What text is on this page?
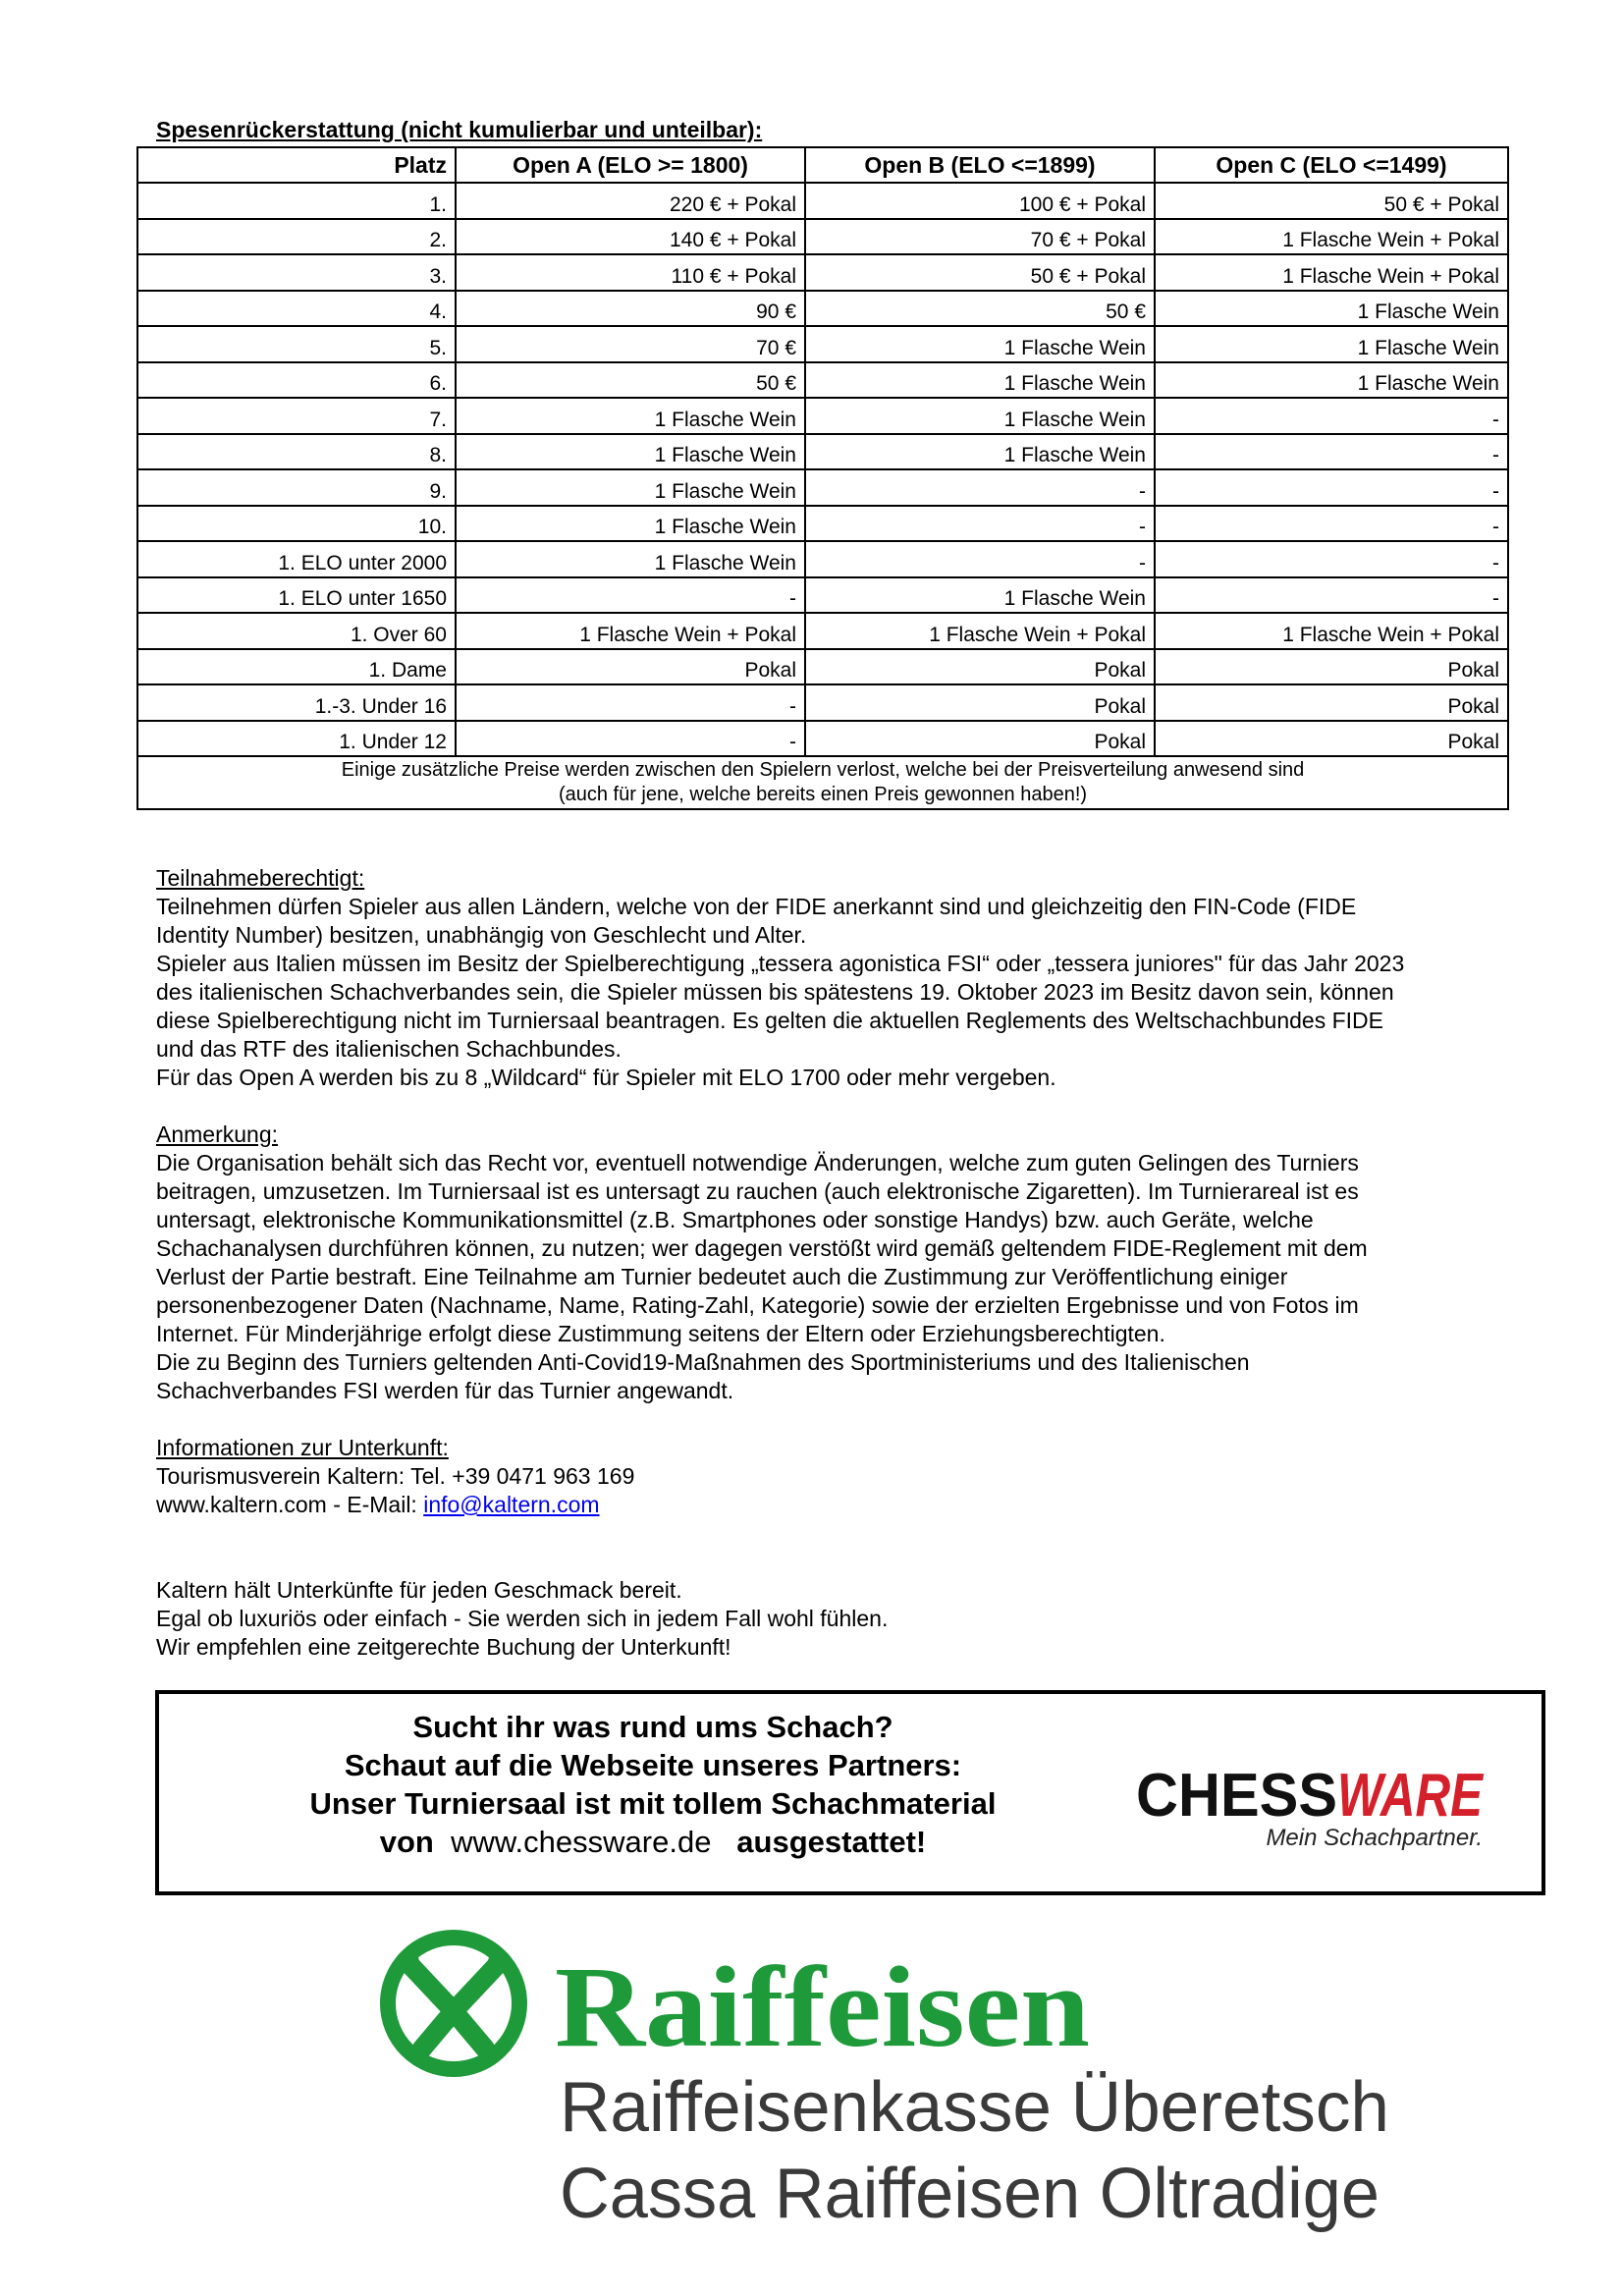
Spesenrückerstattung (nicht kumulierbar und unteilbar):
Platz	Open A (ELO >= 1800)	Open B (ELO <=1899)	Open C (ELO <=1499)
1.	220 € + Pokal	100 € + Pokal	50 € + Pokal
2.	140 € + Pokal	70 € + Pokal	1 Flasche Wein + Pokal
3.	110 € + Pokal	50 € + Pokal	1 Flasche Wein + Pokal
4.	90 €	50 €	1 Flasche Wein
5.	70 €	1 Flasche Wein	1 Flasche Wein
6.	50 €	1 Flasche Wein	1 Flasche Wein
7.	1 Flasche Wein	1 Flasche Wein	-
8.	1 Flasche Wein	1 Flasche Wein	-
9.	1 Flasche Wein	-	-
10.	1 Flasche Wein	-	-
1. ELO unter 2000	1 Flasche Wein	-	-
1. ELO unter 1650	-	1 Flasche Wein	-
1. Over 60	1 Flasche Wein + Pokal	1 Flasche Wein + Pokal	1 Flasche Wein + Pokal
1. Dame	Pokal	Pokal	Pokal
1.-3. Under 16	-	Pokal	Pokal
1. Under 12	-	Pokal	Pokal

Einige zusätzliche Preise werden zwischen den Spielern verlost, welche bei der Preisverteilung anwesend sind
(auch für jene, welche bereits einen Preis gewonnen haben!)			
Teilnahmeberechtigt:
Teilnehmen dürfen Spieler aus allen Ländern, welche von der FIDE anerkannt sind und gleichzeitig den FIN-Code (FIDE
Identity Number) besitzen, unabhängig von Geschlecht und Alter.
Spieler aus Italien müssen im Besitz der Spielberechtigung „tessera agonistica FSI“ oder „tessera juniores" für das Jahr 2023
des italienischen Schachverbandes sein, die Spieler müssen bis spätestens 19. Oktober 2023 im Besitz davon sein, können
diese Spielberechtigung nicht im Turniersaal beantragen. Es gelten die aktuellen Reglements des Weltschachbundes FIDE
und das RTF des italienischen Schachbundes.
Für das Open A werden bis zu 8 „Wildcard“ für Spieler mit ELO 1700 oder mehr vergeben.
Anmerkung:
Die Organisation behält sich das Recht vor, eventuell notwendige Änderungen, welche zum guten Gelingen des Turniers
beitragen, umzusetzen. Im Turniersaal ist es untersagt zu rauchen (auch elektronische Zigaretten). Im Turnierareal ist es
untersagt, elektronische Kommunikationsmittel (z.B. Smartphones oder sonstige Handys) bzw. auch Geräte, welche
Schachanalysen durchführen können, zu nutzen; wer dagegen verstößt wird gemäß geltendem FIDE-Reglement mit dem
Verlust der Partie bestraft. Eine Teilnahme am Turnier bedeutet auch die Zustimmung zur Veröffentlichung einiger
personenbezogener Daten (Nachname, Name, Rating-Zahl, Kategorie) sowie der erzielten Ergebnisse und von Fotos im
Internet. Für Minderjährige erfolgt diese Zustimmung seitens der Eltern oder Erziehungsberechtigten.
Die zu Beginn des Turniers geltenden Anti-Covid19-Maßnahmen des Sportministeriums und des Italienischen
Schachverbandes FSI werden für das Turnier angewandt.
Informationen zur Unterkunft:
Tourismusverein Kaltern: Tel. +39 0471 963 169
www.kaltern.com - E-Mail: info@kaltern.com
Kaltern hält Unterkünfte für jeden Geschmack bereit.
Egal ob luxuriös oder einfach - Sie werden sich in jedem Fall wohl fühlen.
Wir empfehlen eine zeitgerechte Buchung der Unterkunft!
Sucht ihr was rund ums Schach?
Schaut auf die Webseite unseres Partners:
Unser Turniersaal ist mit tollem Schachmaterial
von www.chessware.de ausgestattet!
CHESS WARE
Mein Schachpartner.
Raiffeisen
Raiffeisenkasse Überetsch
Cassa Raiffeisen Oltradige
